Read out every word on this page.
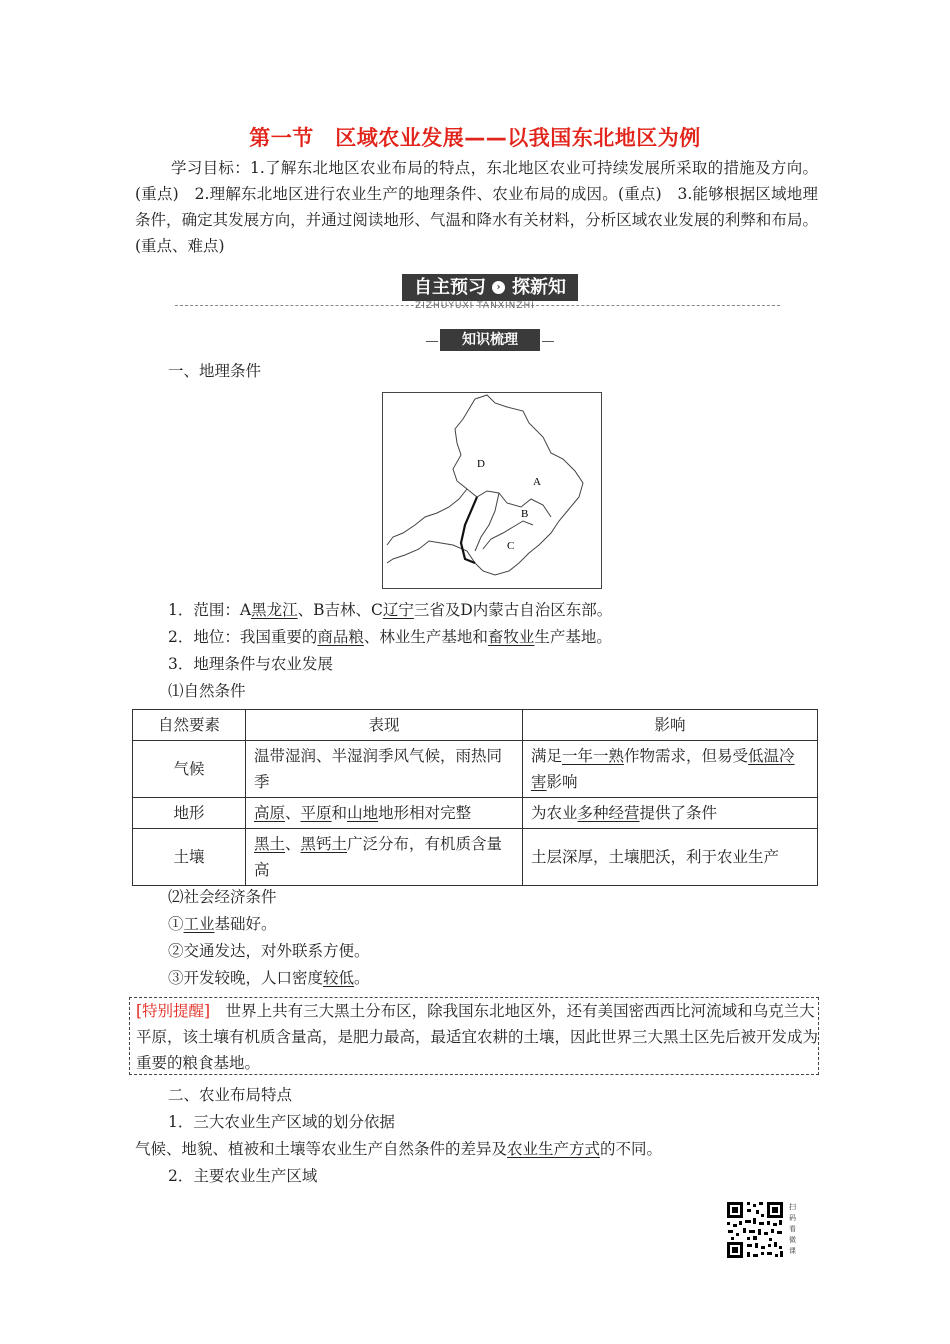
第一节　区域农业发展——以我国东北地区为例
学习目标：1.了解东北地区农业布局的特点，东北地区农业可持续发展所采取的措施及方向。(重点)　2.理解东北地区进行农业生产的地理条件、农业布局的成因。(重点)　3.能够根据区域地理条件，确定其发展方向，并通过阅读地形、气温和降水有关材料，分析区域农业发展的利弊和布局。(重点、难点)
自主预习	› 探新知
ZIZHUYUXI TANXINZHI
知识梳理
一、地理条件
D
A
B
C
1．范围：A黑龙江、B吉林、C辽宁三省及D内蒙古自治区东部。
2．地位：我国重要的商品粮、林业生产基地和畜牧业生产基地。
3．地理条件与农业发展
⑴自然条件
自然要素	表现	影响
气候	温带湿润、半湿润季风气候，雨热同季	满足一年一熟作物需求，但易受低温冷害影响
地形	高原、平原和山地地形相对完整	为农业多种经营提供了条件
土壤	黑土、黑钙土广泛分布，有机质含量高	土层深厚，土壤肥沃，利于农业生产
⑵社会经济条件
①工业基础好。
②交通发达，对外联系方便。
③开发较晚，人口密度较低。
[特别提醒]　世界上共有三大黑土分布区，除我国东北地区外，还有美国密西西比河流域和乌克兰大平原，该土壤有机质含量高，是肥力最高，最适宜农耕的土壤，因此世界三大黑土区先后被开发成为重要的粮食基地。
二、农业布局特点
1．三大农业生产区域的划分依据
气候、地貌、植被和土壤等农业生产自然条件的差异及农业生产方式的不同。
2．主要农业生产区域
扫码看微课
